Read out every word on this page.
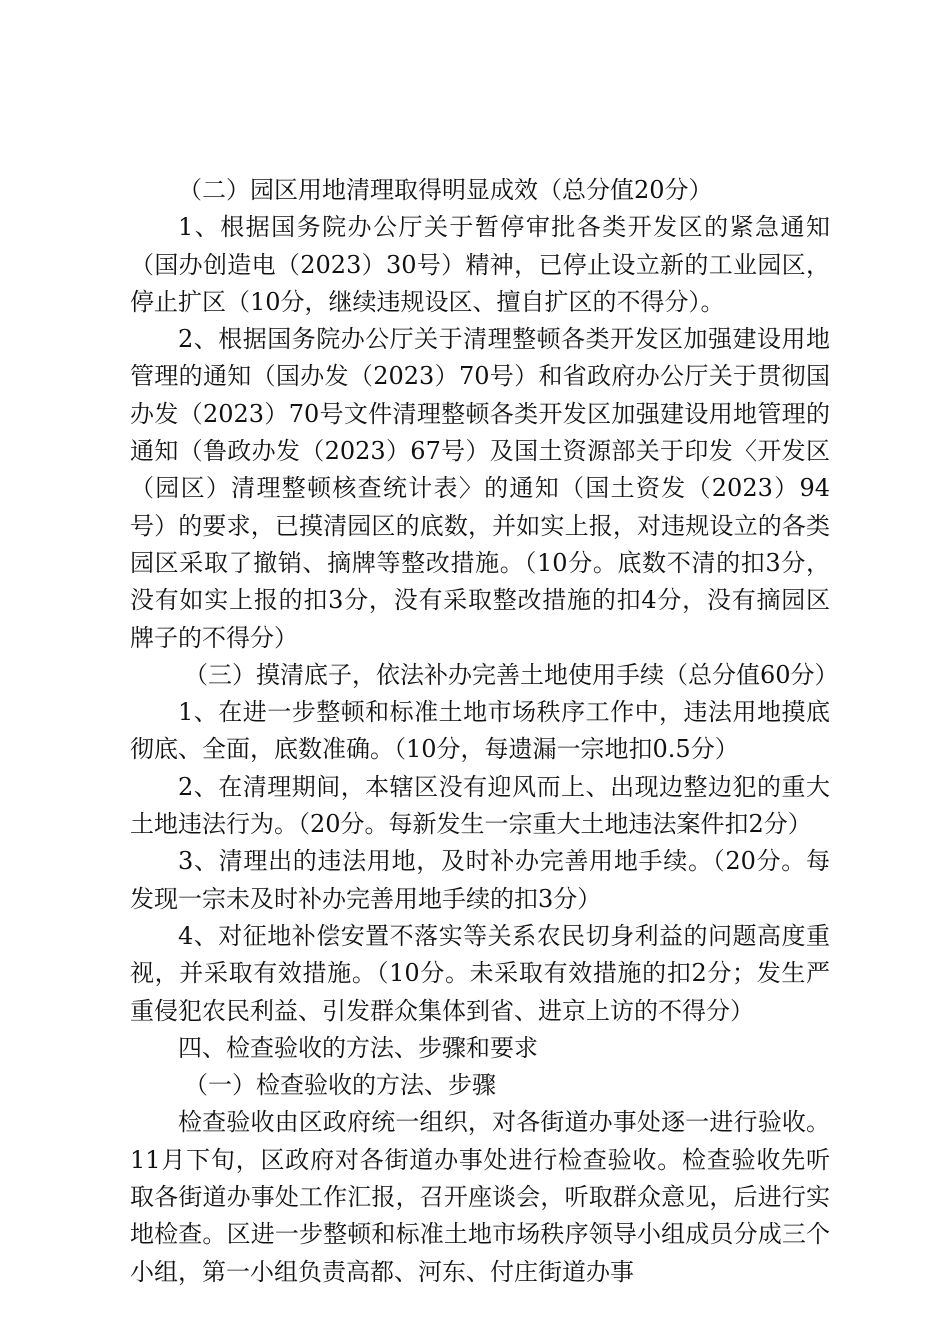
（二）园区用地清理取得明显成效（总分值20分）

1、根据国务院办公厅关于暂停审批各类开发区的紧急通知（国办创造电（2023）30号）精神，已停止设立新的工业园区，停止扩区（10分，继续违规设区、擅自扩区的不得分）。

2、根据国务院办公厅关于清理整顿各类开发区加强建设用地管理的通知（国办发（2023）70号）和省政府办公厅关于贯彻国办发（2023）70号文件清理整顿各类开发区加强建设用地管理的通知（鲁政办发（2023）67号）及国土资源部关于印发〈开发区（园区）清理整顿核查统计表〉的通知（国土资发（2023）94号）的要求，已摸清园区的底数，并如实上报，对违规设立的各类园区采取了撤销、摘牌等整改措施。（10分。底数不清的扣3分，没有如实上报的扣3分，没有采取整改措施的扣4分，没有摘园区牌子的不得分）

（三）摸清底子，依法补办完善土地使用手续（总分值60分）

1、在进一步整顿和标准土地市场秩序工作中，违法用地摸底彻底、全面，底数准确。（10分，每遗漏一宗地扣0.5分）

2、在清理期间，本辖区没有迎风而上、出现边整边犯的重大土地违法行为。（20分。每新发生一宗重大土地违法案件扣2分）

3、清理出的违法用地，及时补办完善用地手续。（20分。每发现一宗未及时补办完善用地手续的扣3分）

4、对征地补偿安置不落实等关系农民切身利益的问题高度重视，并采取有效措施。（10分。未采取有效措施的扣2分；发生严重侵犯农民利益、引发群众集体到省、进京上访的不得分）

四、检查验收的方法、步骤和要求

（一）检查验收的方法、步骤

检查验收由区政府统一组织，对各街道办事处逐一进行验收。11月下旬，区政府对各街道办事处进行检查验收。检查验收先听取各街道办事处工作汇报，召开座谈会，听取群众意见，后进行实地检查。区进一步整顿和标准土地市场秩序领导小组成员分成三个小组，第一小组负责高都、河东、付庄街道办事
